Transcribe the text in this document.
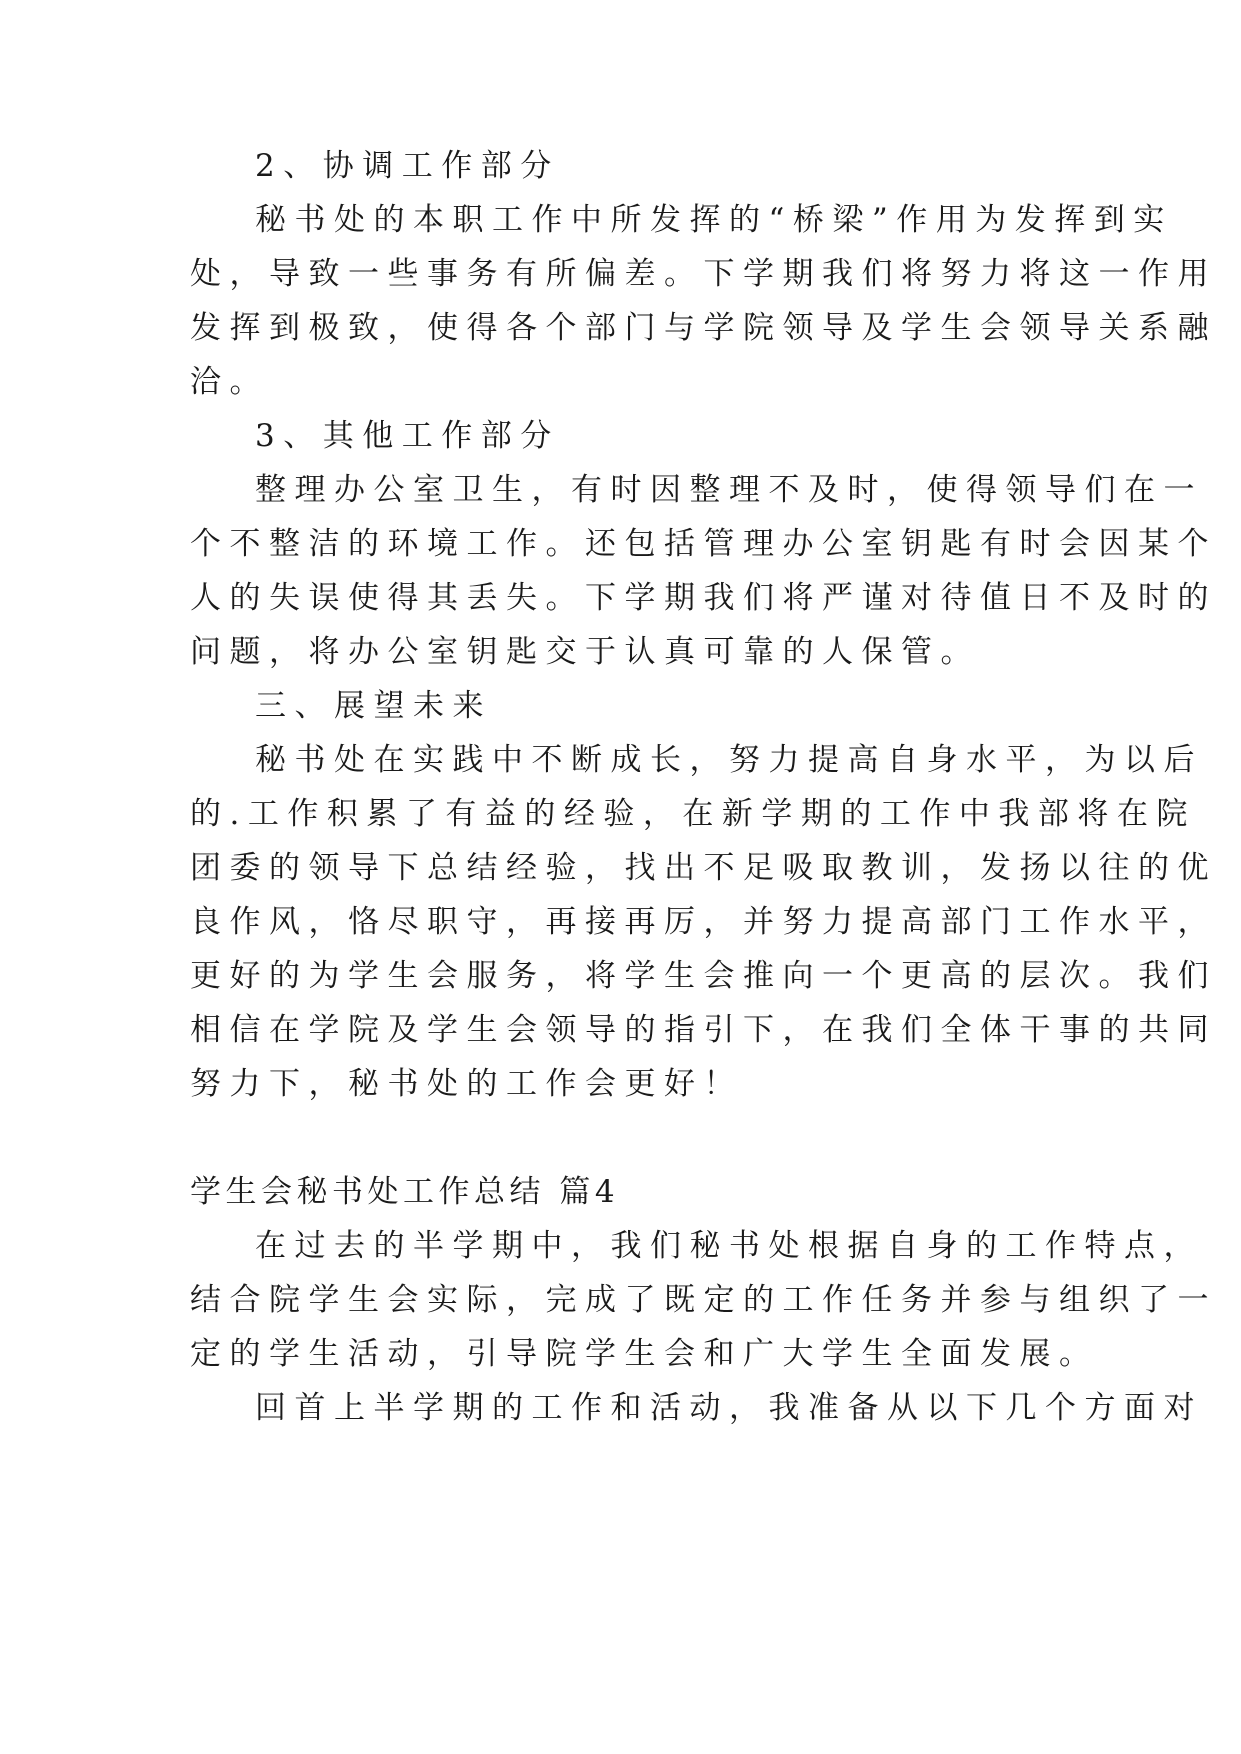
2、协调工作部分
秘书处的本职工作中所发挥的“桥梁”作用为发挥到实
处，导致一些事务有所偏差。下学期我们将努力将这一作用
发挥到极致，使得各个部门与学院领导及学生会领导关系融
洽。
3、其他工作部分
整理办公室卫生，有时因整理不及时，使得领导们在一
个不整洁的环境工作。还包括管理办公室钥匙有时会因某个
人的失误使得其丢失。下学期我们将严谨对待值日不及时的
问题，将办公室钥匙交于认真可靠的人保管。
三、展望未来
秘书处在实践中不断成长，努力提高自身水平，为以后
的.工作积累了有益的经验，在新学期的工作中我部将在院
团委的领导下总结经验，找出不足吸取教训，发扬以往的优
良作风，恪尽职守，再接再厉，并努力提高部门工作水平，
更好的为学生会服务，将学生会推向一个更高的层次。我们
相信在学院及学生会领导的指引下，在我们全体干事的共同
努力下，秘书处的工作会更好！
学生会秘书处工作总结 篇4
在过去的半学期中，我们秘书处根据自身的工作特点，
结合院学生会实际，完成了既定的工作任务并参与组织了一
定的学生活动，引导院学生会和广大学生全面发展。
回首上半学期的工作和活动，我准备从以下几个方面对
